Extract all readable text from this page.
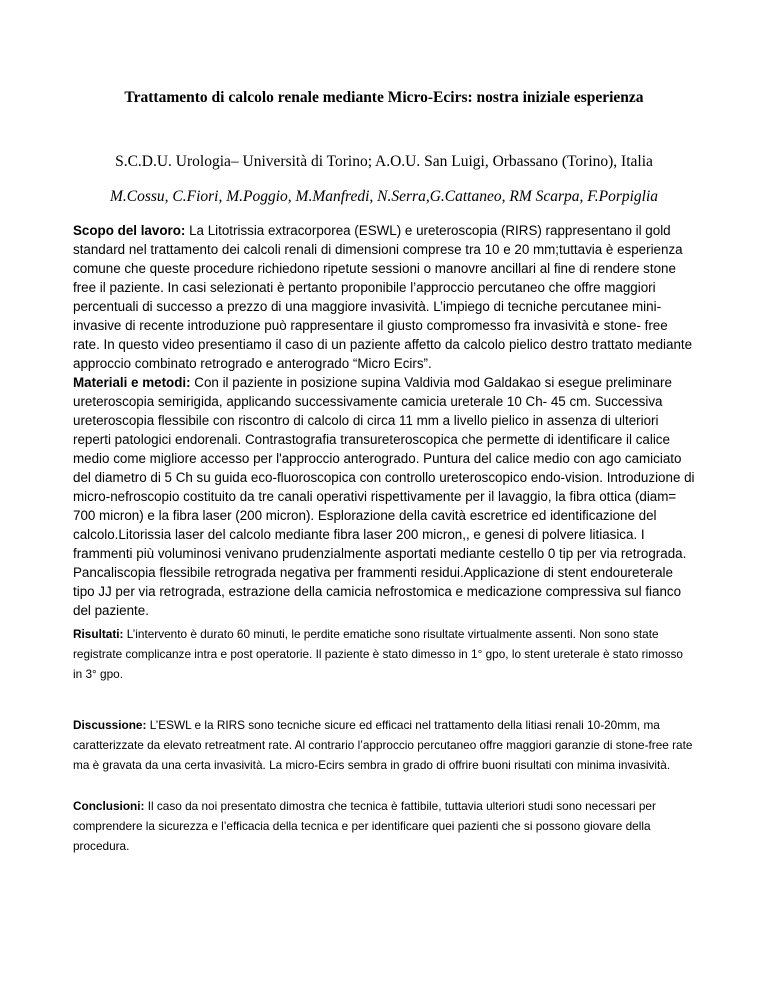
Trattamento di calcolo renale mediante Micro-Ecirs: nostra iniziale esperienza

S.C.D.U. Urologia– Università di Torino; A.O.U. San Luigi, Orbassano (Torino), Italia

M.Cossu, C.Fiori, M.Poggio, M.Manfredi, N.Serra,G.Cattaneo, RM Scarpa, F.Porpiglia

Scopo del lavoro: La Litotrissia extracorporea (ESWL) e ureteroscopia (RIRS) rappresentano il gold standard nel trattamento dei calcoli renali di dimensioni comprese tra 10 e 20 mm;tuttavia è esperienza comune che queste procedure richiedono ripetute sessioni o manovre ancillari al fine di rendere stone free il paziente. In casi selezionati è pertanto proponibile l’approccio percutaneo che offre maggiori percentuali di successo a prezzo di una maggiore invasività. L’impiego di tecniche percutanee mini-invasive di recente introduzione può rappresentare il giusto compromesso fra invasività e stone- free rate. In questo video presentiamo il caso di un paziente affetto da calcolo pielico destro trattato mediante approccio combinato retrogrado e anterogrado “Micro Ecirs”.

Materiali e metodi: Con il paziente in posizione supina Valdivia mod Galdakao si esegue preliminare ureteroscopia semirigida, applicando successivamente camicia ureterale 10 Ch- 45 cm. Successiva ureteroscopia flessibile con riscontro di calcolo di circa 11 mm a livello pielico in assenza di ulteriori reperti patologici endorenali. Contrastografia transureteroscopica che permette di identificare il calice medio come migliore accesso per l'approccio anterogrado. Puntura del calice medio con ago camiciato del diametro di 5 Ch su guida eco-fluoroscopica con controllo ureteroscopico endo-vision. Introduzione di micro-nefroscopio costituito da tre canali operativi rispettivamente per il lavaggio, la fibra ottica (diam= 700 micron) e la fibra laser (200 micron). Esplorazione della cavità escretrice ed identificazione del calcolo.Litorissia laser del calcolo mediante fibra laser 200 micron,, e genesi di polvere litiasica. I frammenti più voluminosi venivano prudenzialmente asportati mediante cestello 0 tip per via retrograda. Pancaliscopia flessibile retrograda negativa per frammenti residui.Applicazione di stent endoureterale tipo JJ per via retrograda, estrazione della camicia nefrostomica e medicazione compressiva sul fianco del paziente.

Risultati: L’intervento è durato 60 minuti, le perdite ematiche sono risultate virtualmente assenti. Non sono state registrate complicanze intra e post operatorie. Il paziente è stato dimesso in 1° gpo, lo stent ureterale è stato rimosso in 3° gpo.

Discussione: L’ESWL e la RIRS sono tecniche sicure ed efficaci nel trattamento della litiasi renali 10-20mm, ma caratterizzate da elevato retreatment rate. Al contrario l’approccio percutaneo offre maggiori garanzie di stone-free rate ma è gravata da una certa invasività. La micro-Ecirs sembra in grado di offrire buoni risultati con minima invasività.

Conclusioni: Il caso da noi presentato dimostra che tecnica è fattibile, tuttavia ulteriori studi sono necessari per comprendere la sicurezza e l’efficacia della tecnica e per identificare quei pazienti che si possono giovare della procedura.
